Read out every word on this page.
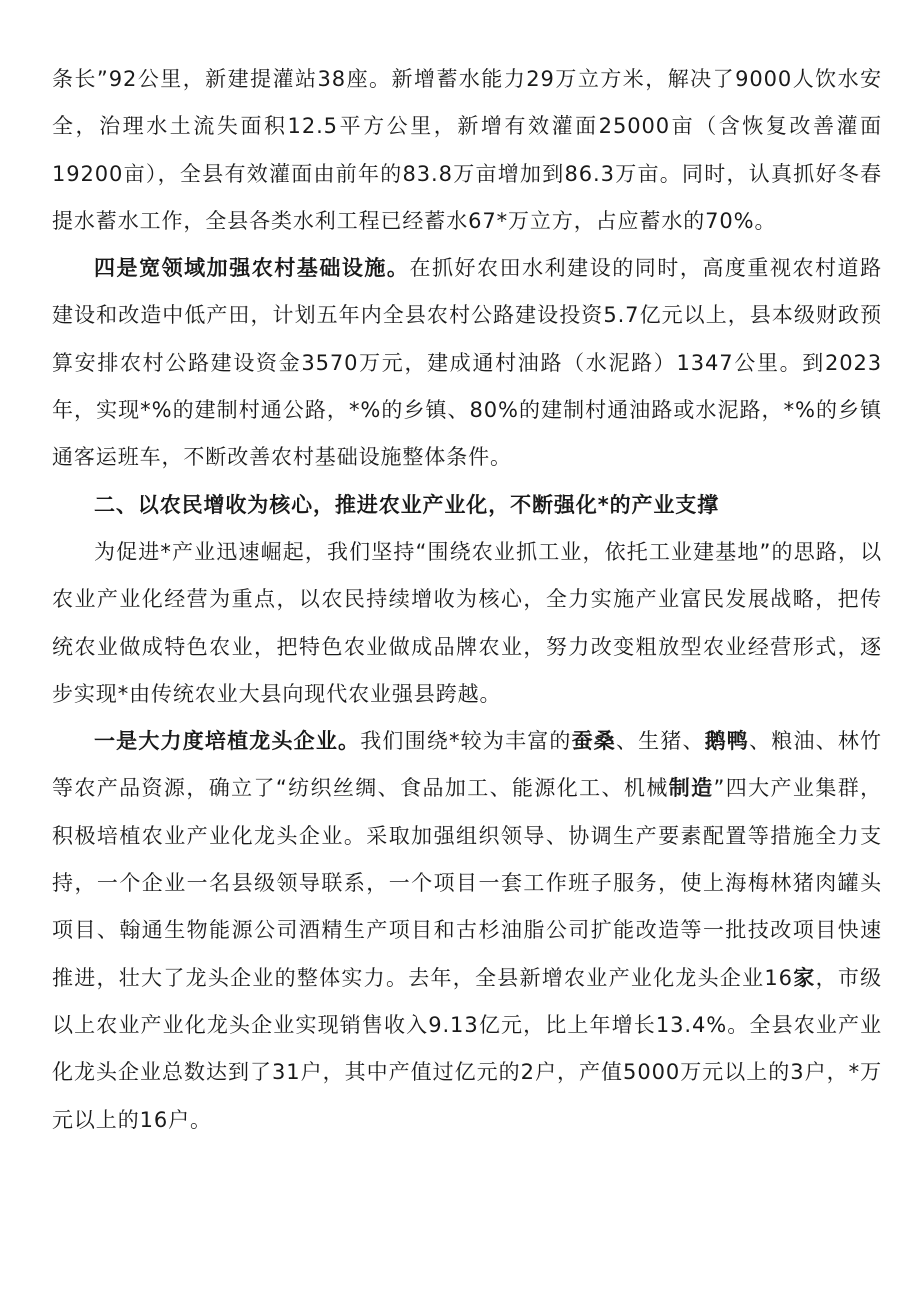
条长”92公里，新建提灌站38座。新增蓄水能力29万立方米，解决了9000人饮水安全，治理水土流失面积12.5平方公里，新增有效灌面25000亩（含恢复改善灌面19200亩），全县有效灌面由前年的83.8万亩增加到86.3万亩。同时，认真抓好冬春提水蓄水工作，全县各类水利工程已经蓄水67*万立方，占应蓄水的70%。

四是宽领域加强农村基础设施。在抓好农田水利建设的同时，高度重视农村道路建设和改造中低产田，计划五年内全县农村公路建设投资5.7亿元以上，县本级财政预算安排农村公路建设资金3570万元，建成通村油路（水泥路）1347公里。到2023年，实现*%的建制村通公路，*%的乡镇、80%的建制村通油路或水泥路，*%的乡镇通客运班车，不断改善农村基础设施整体条件。

二、以农民增收为核心，推进农业产业化，不断强化*的产业支撑

为促进*产业迅速崛起，我们坚持“围绕农业抓工业，依托工业建基地”的思路，以农业产业化经营为重点，以农民持续增收为核心，全力实施产业富民发展战略，把传统农业做成特色农业，把特色农业做成品牌农业，努力改变粗放型农业经营形式，逐步实现*由传统农业大县向现代农业强县跨越。

一是大力度培植龙头企业。我们围绕*较为丰富的蚕桑、生猪、鹅鸭、粮油、林竹等农产品资源，确立了“纺织丝绸、食品加工、能源化工、机械制造”四大产业集群，积极培植农业产业化龙头企业。采取加强组织领导、协调生产要素配置等措施全力支持，一个企业一名县级领导联系，一个项目一套工作班子服务，使上海梅林猪肉罐头项目、翰通生物能源公司酒精生产项目和古杉油脂公司扩能改造等一批技改项目快速推进，壮大了龙头企业的整体实力。去年，全县新增农业产业化龙头企业16家，市级以上农业产业化龙头企业实现销售收入9.13亿元，比上年增长13.4%。全县农业产业化龙头企业总数达到了31户，其中产值过亿元的2户，产值5000万元以上的3户，*万元以上的16户。
